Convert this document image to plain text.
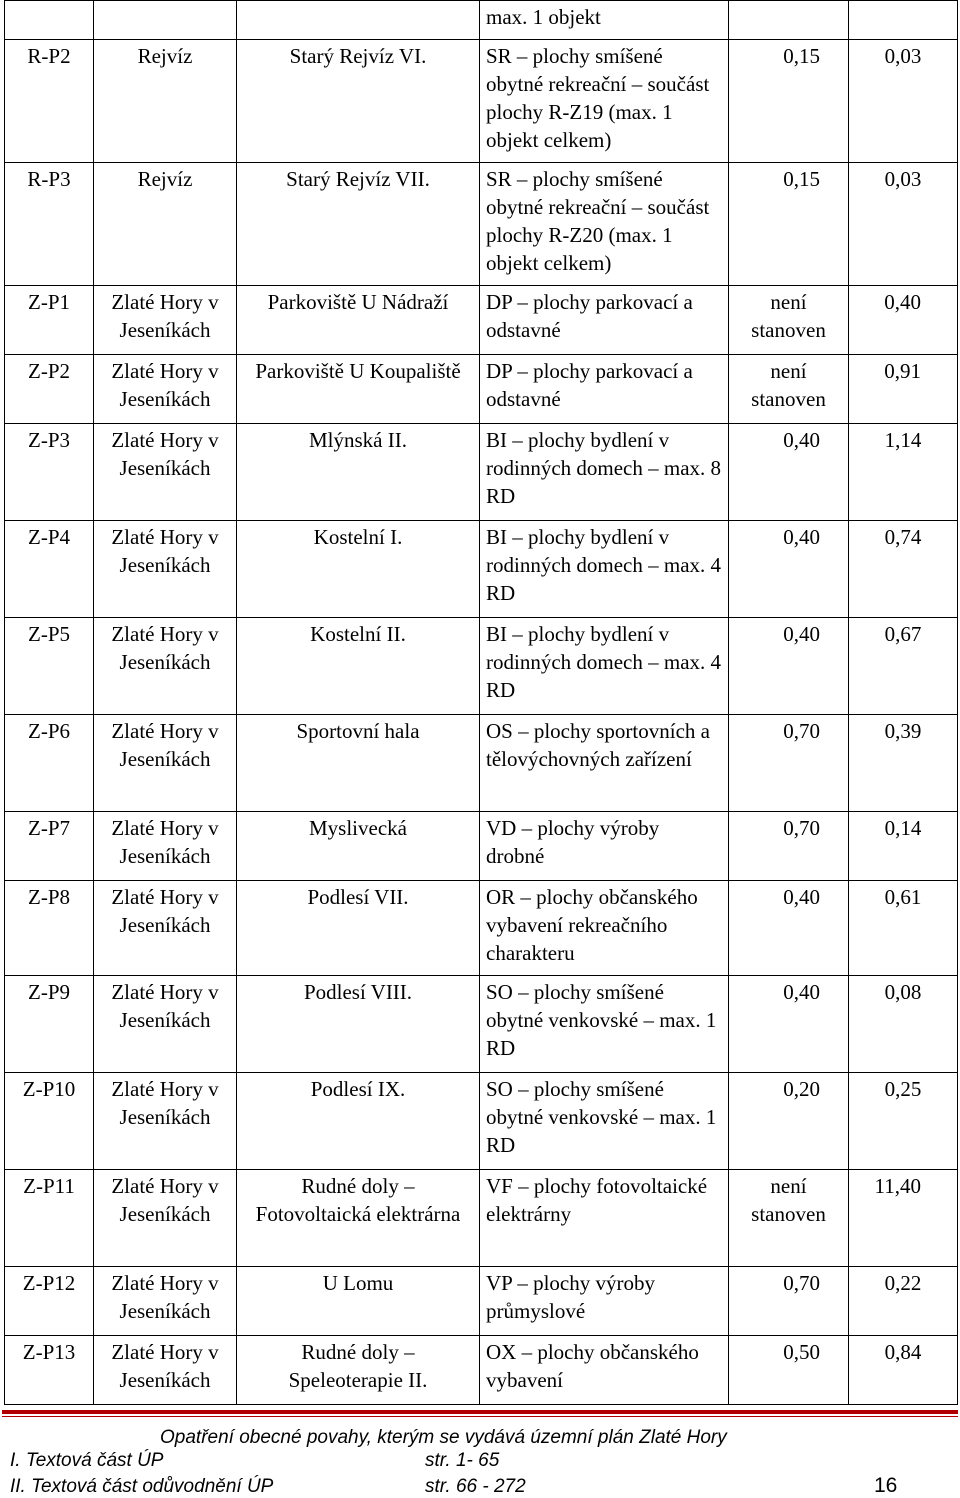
			max. 1 objekt		
R-P2	Rejvíz	Starý Rejvíz VI.	SR – plochy smíšené obytné rekreační – součást plochy R-Z19 (max. 1 objekt celkem)	0,15	0,03
R-P3	Rejvíz	Starý Rejvíz VII.	SR – plochy smíšené obytné rekreační – součást plochy R-Z20 (max. 1 objekt celkem)	0,15	0,03
Z-P1	Zlaté Hory v Jeseníkách	Parkoviště U Nádraží	DP – plochy parkovací a odstavné	není stanoven	0,40
Z-P2	Zlaté Hory v Jeseníkách	Parkoviště U Koupaliště	DP – plochy parkovací a odstavné	není stanoven	0,91
Z-P3	Zlaté Hory v Jeseníkách	Mlýnská II.	BI – plochy bydlení v rodinných domech – max. 8 RD	0,40	1,14
Z-P4	Zlaté Hory v Jeseníkách	Kostelní I.	BI – plochy bydlení v rodinných domech – max. 4 RD	0,40	0,74
Z-P5	Zlaté Hory v Jeseníkách	Kostelní II.	BI – plochy bydlení v rodinných domech – max. 4 RD	0,40	0,67
Z-P6	Zlaté Hory v Jeseníkách	Sportovní hala	OS – plochy sportovních a tělovýchovných zařízení	0,70	0,39
Z-P7	Zlaté Hory v Jeseníkách	Myslivecká	VD – plochy výroby drobné	0,70	0,14
Z-P8	Zlaté Hory v Jeseníkách	Podlesí VII.	OR – plochy občanského vybavení rekreačního charakteru	0,40	0,61
Z-P9	Zlaté Hory v Jeseníkách	Podlesí VIII.	SO – plochy smíšené obytné venkovské – max. 1 RD	0,40	0,08
Z-P10	Zlaté Hory v Jeseníkách	Podlesí IX.	SO – plochy smíšené obytné venkovské – max. 1 RD	0,20	0,25
Z-P11	Zlaté Hory v Jeseníkách	Rudné doly – Fotovoltaická elektrárna	VF – plochy fotovoltaické elektrárny	není stanoven	11,40
Z-P12	Zlaté Hory v Jeseníkách	U Lomu	VP – plochy výroby průmyslové	0,70	0,22
Z-P13	Zlaté Hory v Jeseníkách	Rudné doly – Speleoterapie II.	OX – plochy občanského vybavení	0,50	0,84
Opatření obecné povahy, kterým se vydává územní plán Zlaté Hory
I. Textová část ÚP	str. 1- 65
II. Textová část odůvodnění ÚP	str. 66 - 272	16
